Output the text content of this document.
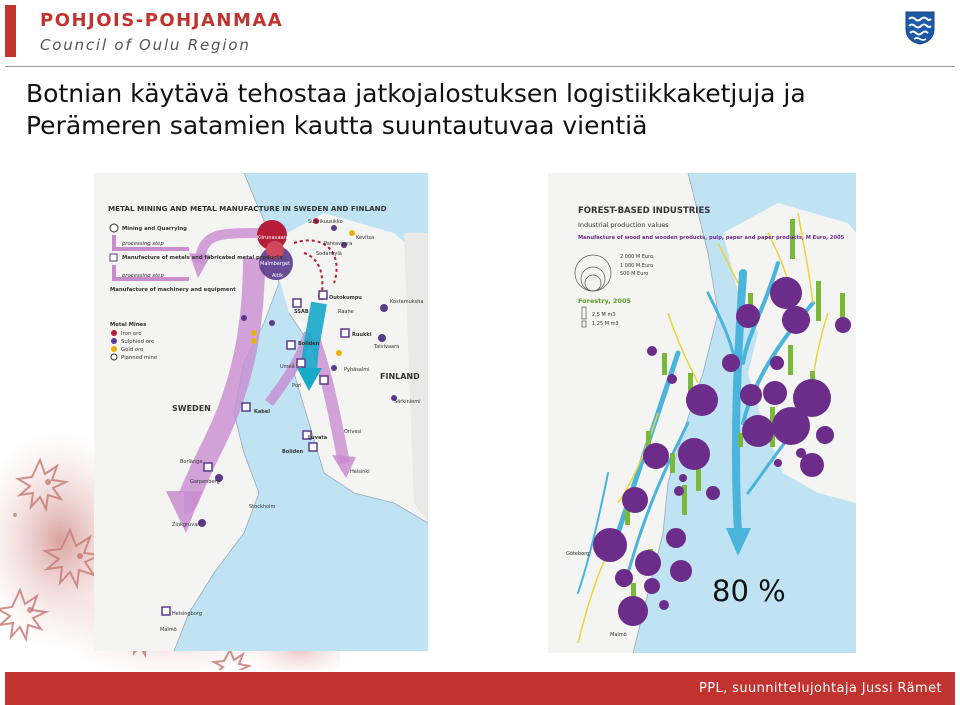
POHJOIS-POHJANMAA
Council of Oulu Region
Botnian käytävä tehostaa jatkojalostuksen logistiikkaketjuja ja Perämeren satamien kautta suuntautuvaa vientiä
METAL MINING AND METAL MANUFACTURE IN SWEDEN AND FINLAND
Mining and Quarrying
processing step
Manufacture of metals and fabricated metal products
processing step
Manufacture of machinery and equipment
Metal Mines
Iron ore
Sulphied ore
Gold ore
Planned mine
Kiirunavaara
Malmberget
Aitik
Suurikuusikko
Kevitsa
Pahtavaara
Sodankylä
SSAB
Outokumpu
Raahe
Ruukki
Boliden
Kostamuksha
Talvivaara
Pyhäsalmi
FINLAND
SWEDEN
Särkiniemi
Kabel
Umeå
Pori
Luvata
Boliden
Orivesi
Helsinki
Borlänge
Garpenberg
Stockholm
Zinkgruvan
Helsingborg
Malmö
FOREST-BASED INDUSTRIES
Industrial production values
Manufacture of wood and wooden products, pulp, paper and paper products, M Euro, 2005
2 000 M Euro
1 000 M Euro
500 M Euro
Forestry, 2005
2,5 M m3
1,25 M m3
Göteborg
Malmö
80 %
PPL, suunnittelujohtaja Jussi Rämet
